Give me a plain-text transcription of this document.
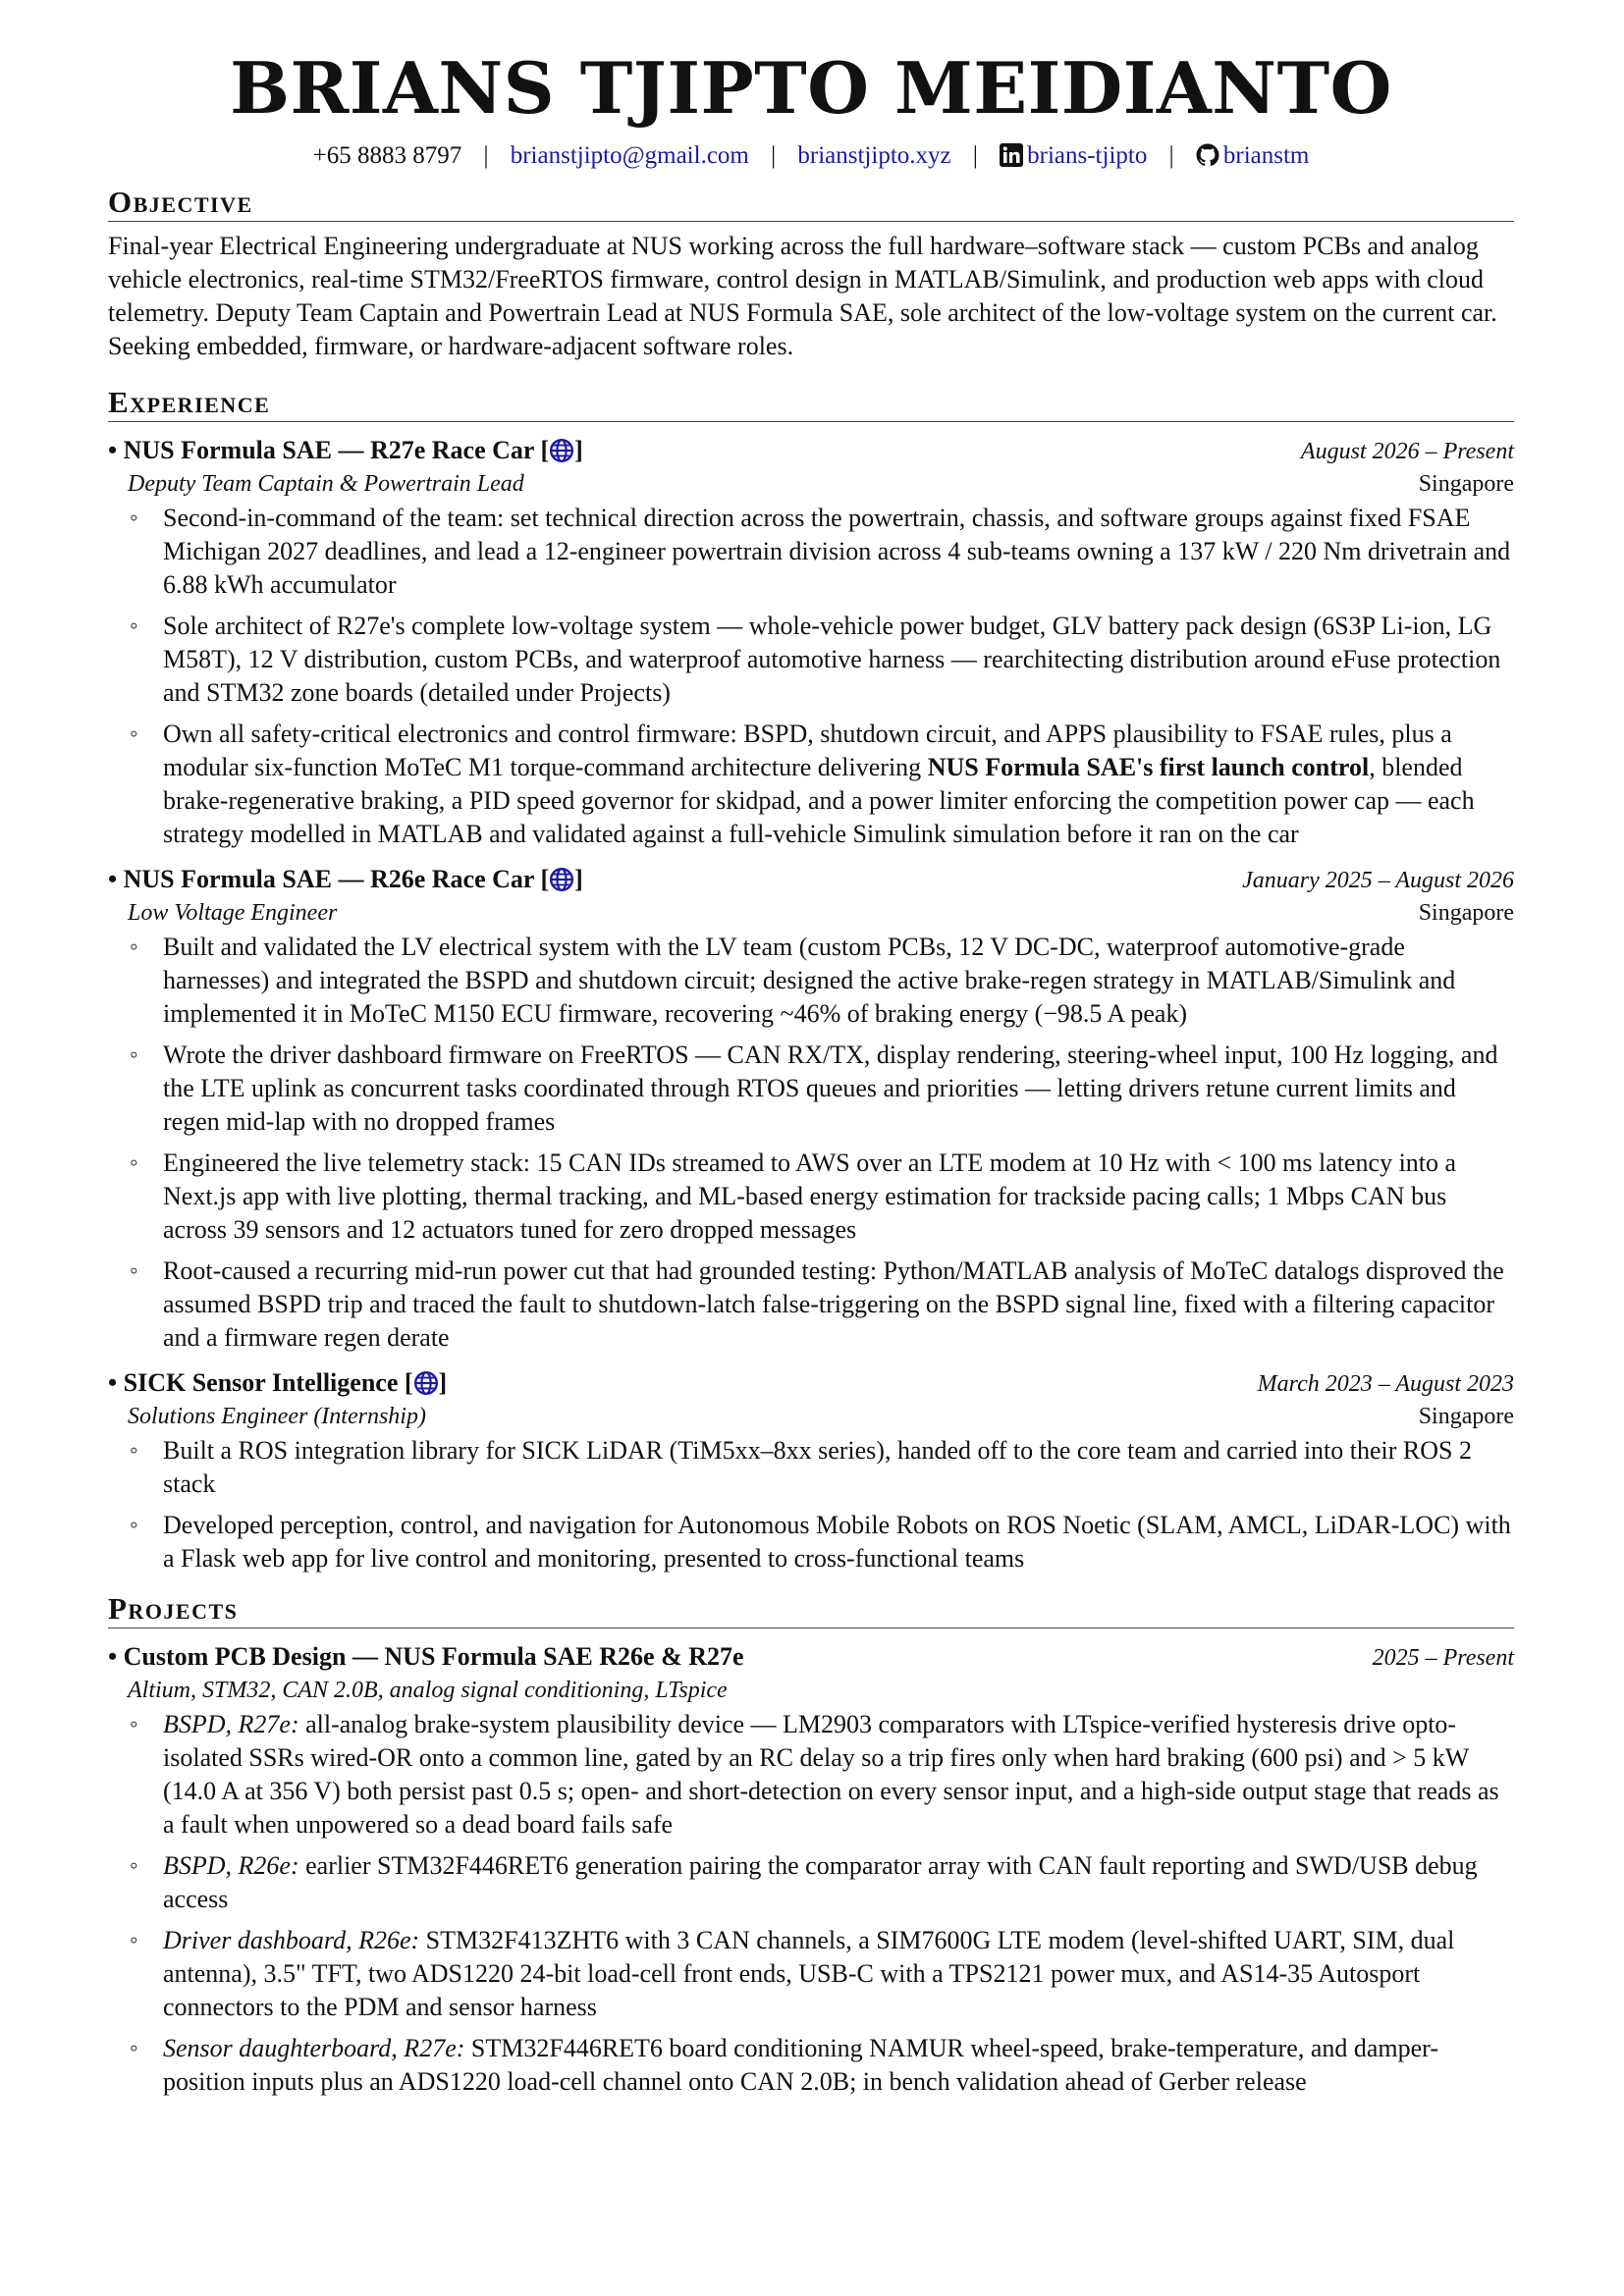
BRIANS TJIPTO MEIDIANTO
+65 8883 8797 | brianstjipto@gmail.com | brianstjipto.xyz | brians-tjipto | brianstm
Objective

Final-year Electrical Engineering undergraduate at NUS working across the full hardware–software stack — custom PCBs and analog vehicle electronics, real-time STM32/FreeRTOS firmware, control design in MATLAB/Simulink, and production web apps with cloud telemetry. Deputy Team Captain and Powertrain Lead at NUS Formula SAE, sole architect of the low-voltage system on the current car. Seeking embedded, firmware, or hardware-adjacent software roles.

Experience
• NUS Formula SAE — R27e Race Car [ ]	August 2026 – Present
Deputy Team Captain & Powertrain Lead	Singapore
◦ Second-in-command of the team: set technical direction across the powertrain, chassis, and software groups against fixed FSAE Michigan 2027 deadlines, and lead a 12-engineer powertrain division across 4 sub-teams owning a 137 kW / 220 Nm drivetrain and 6.88 kWh accumulator
◦ Sole architect of R27e's complete low-voltage system — whole-vehicle power budget, GLV battery pack design (6S3P Li-ion, LG M58T), 12 V distribution, custom PCBs, and waterproof automotive harness — rearchitecting distribution around eFuse protection and STM32 zone boards (detailed under Projects)
◦ Own all safety-critical electronics and control firmware: BSPD, shutdown circuit, and APPS plausibility to FSAE rules, plus a modular six-function MoTeC M1 torque-command architecture delivering NUS Formula SAE's first launch control, blended brake-regenerative braking, a PID speed governor for skidpad, and a power limiter enforcing the competition power cap — each strategy modelled in MATLAB and validated against a full-vehicle Simulink simulation before it ran on the car
• NUS Formula SAE — R26e Race Car [ ]	January 2025 – August 2026
Low Voltage Engineer	Singapore
◦ Built and validated the LV electrical system with the LV team (custom PCBs, 12 V DC-DC, waterproof automotive-grade harnesses) and integrated the BSPD and shutdown circuit; designed the active brake-regen strategy in MATLAB/Simulink and implemented it in MoTeC M150 ECU firmware, recovering ~46% of braking energy (−98.5 A peak)
◦ Wrote the driver dashboard firmware on FreeRTOS — CAN RX/TX, display rendering, steering-wheel input, 100 Hz logging, and the LTE uplink as concurrent tasks coordinated through RTOS queues and priorities — letting drivers retune current limits and regen mid-lap with no dropped frames
◦ Engineered the live telemetry stack: 15 CAN IDs streamed to AWS over an LTE modem at 10 Hz with < 100 ms latency into a Next.js app with live plotting, thermal tracking, and ML-based energy estimation for trackside pacing calls; 1 Mbps CAN bus across 39 sensors and 12 actuators tuned for zero dropped messages
◦ Root-caused a recurring mid-run power cut that had grounded testing: Python/MATLAB analysis of MoTeC datalogs disproved the assumed BSPD trip and traced the fault to shutdown-latch false-triggering on the BSPD signal line, fixed with a filtering capacitor and a firmware regen derate
• SICK Sensor Intelligence [ ]	March 2023 – August 2023
Solutions Engineer (Internship)	Singapore
◦ Built a ROS integration library for SICK LiDAR (TiM5xx–8xx series), handed off to the core team and carried into their ROS 2 stack
◦ Developed perception, control, and navigation for Autonomous Mobile Robots on ROS Noetic (SLAM, AMCL, LiDAR-LOC) with a Flask web app for live control and monitoring, presented to cross-functional teams
Projects
• Custom PCB Design — NUS Formula SAE R26e & R27e	2025 – Present
Altium, STM32, CAN 2.0B, analog signal conditioning, LTspice
◦ BSPD, R27e: all-analog brake-system plausibility device — LM2903 comparators with LTspice-verified hysteresis drive opto-isolated SSRs wired-OR onto a common line, gated by an RC delay so a trip fires only when hard braking (600 psi) and > 5 kW (14.0 A at 356 V) both persist past 0.5 s; open- and short-detection on every sensor input, and a high-side output stage that reads as a fault when unpowered so a dead board fails safe
◦ BSPD, R26e: earlier STM32F446RET6 generation pairing the comparator array with CAN fault reporting and SWD/USB debug access
◦ Driver dashboard, R26e: STM32F413ZHT6 with 3 CAN channels, a SIM7600G LTE modem (level-shifted UART, SIM, dual antenna), 3.5" TFT, two ADS1220 24-bit load-cell front ends, USB-C with a TPS2121 power mux, and AS14-35 Autosport connectors to the PDM and sensor harness
◦ Sensor daughterboard, R27e: STM32F446RET6 board conditioning NAMUR wheel-speed, brake-temperature, and damper-position inputs plus an ADS1220 load-cell channel onto CAN 2.0B; in bench validation ahead of Gerber release
